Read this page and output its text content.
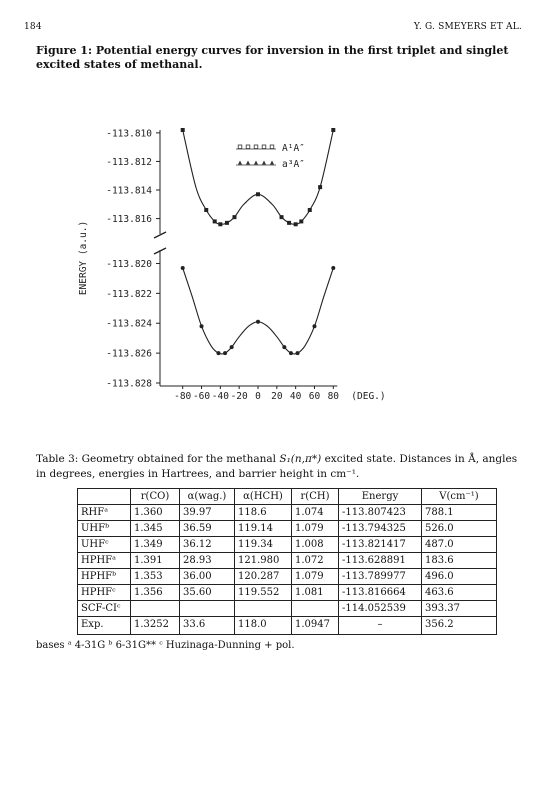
184	Y. G. SMEYERS ET AL.
Figure 1: Potential energy curves for inversion in the first triplet and singlet excited states of methanal.
-113.810
-113.812
-113.814
-113.816
-113.820
-113.822
-113.824
-113.826
-113.828
-80 -60 -40 -20 0 20 40 60 80 (DEG.)
ENERGY (a.u.)
A¹A″
a³A″
Table 3: Geometry obtained for the methanal S₁(n,π*) excited state. Distances in Å, angles in degrees, energies in Hartrees, and barrier height in cm⁻¹.
	r(CO)	α(wag.)	α(HCH)	r(CH)	Energy	V(cm⁻¹)
RHFᵃ	1.360	39.97	118.6	1.074	-113.807423	788.1
UHFᵇ	1.345	36.59	119.14	1.079	-113.794325	526.0
UHFᶜ	1.349	36.12	119.34	1.008	-113.821417	487.0
HPHFᵃ	1.391	28.93	121.980	1.072	-113.628891	183.6
HPHFᵇ	1.353	36.00	120.287	1.079	-113.789977	496.0
HPHFᶜ	1.356	35.60	119.552	1.081	-113.816664	463.6
SCF-CIᶜ					-114.052539	393.37
Exp.	1.3252	33.6	118.0	1.0947	–	356.2
bases ᵃ 4-31G ᵇ 6-31G** ᶜ Huzinaga-Dunning + pol.
